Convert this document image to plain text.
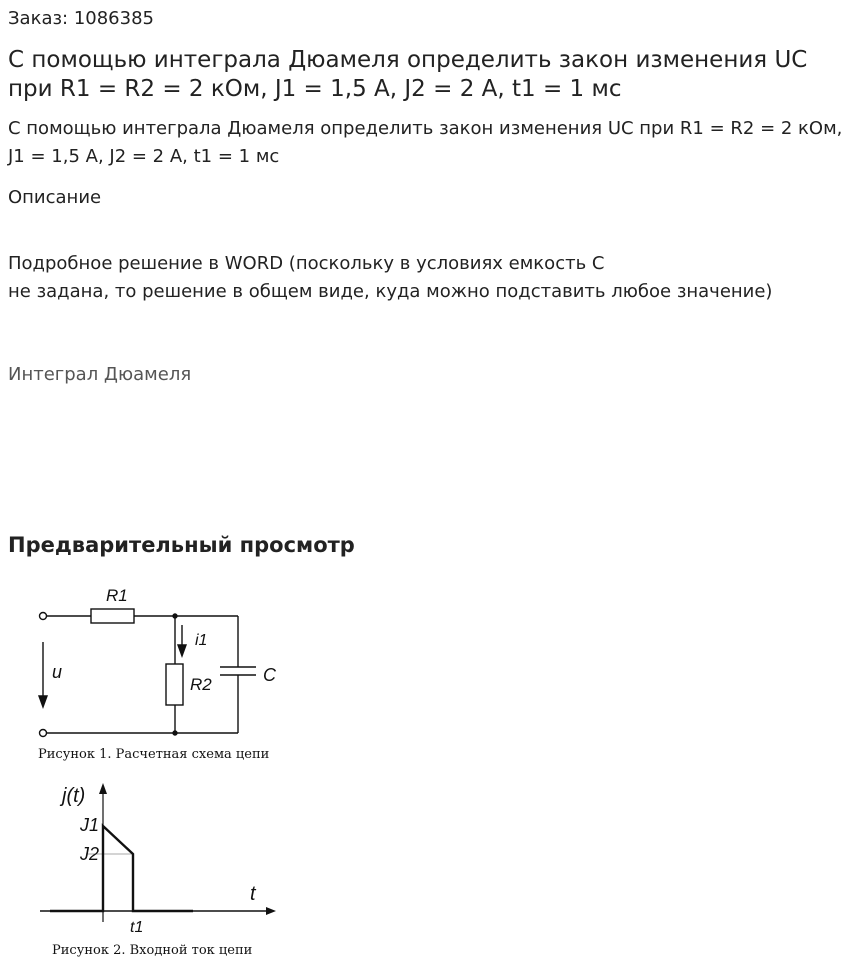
Заказ: 1086385
С помощью интеграла Дюамеля определить закон изменения UC при R1 = R2 = 2 кОм, J1 = 1,5 А, J2 = 2 А, t1 = 1 мс
С помощью интеграла Дюамеля определить закон изменения UC при R1 = R2 = 2 кОм, J1 = 1,5 А, J2 = 2 А, t1 = 1 мс
Описание
Подробное решение в WORD (поскольку в условиях емкость С
не задана, то решение в общем виде, куда можно подставить любое значение)
Интеграл Дюамеля
Предварительный просмотр
R1
R2	C
u
i1
Рисунок 1. Расчетная схема цепи
j(t)
t
J1
J2
t1
Рисунок 2. Входной ток цепи
